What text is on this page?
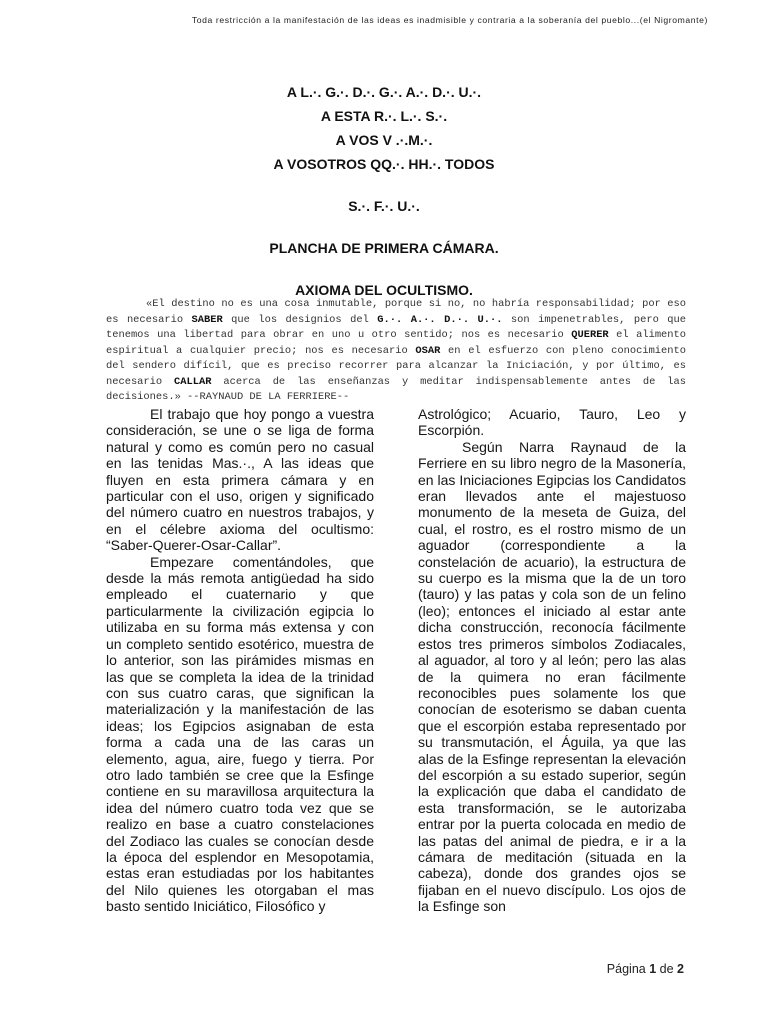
Toda restricción a la manifestación de las ideas es inadmisible y contraria a la soberanía del pueblo...(el Nigromante)
A L.·. G.·. D.·. G.·. A.·. D.·. U.·.
A ESTA R.·. L.·. S.·.
A VOS V .·.M.·.
A VOSOTROS QQ.·. HH.·. TODOS
S.·. F.·. U.·.
PLANCHA DE PRIMERA CÁMARA.
AXIOMA DEL OCULTISMO.

«El destino no es una cosa inmutable, porque si no, no habría responsabilidad; por eso es necesario SABER que los designios del G.·. A.·. D.·. U.·. son impenetrables, pero que tenemos una libertad para obrar en uno u otro sentido; nos es necesario QUERER el alimento espiritual a cualquier precio; nos es necesario OSAR en el esfuerzo con pleno conocimiento del sendero difícil, que es preciso recorrer para alcanzar la Iniciación, y por último, es necesario CALLAR acerca de las enseñanzas y meditar indispensablemente antes de las decisiones.» --RAYNAUD DE LA FERRIERE--

El trabajo que hoy pongo a vuestra consideración, se une o se liga de forma natural y como es común pero no casual en las tenidas Mas.·., A las ideas que fluyen en esta primera cámara y en particular con el uso, origen y significado del número cuatro en nuestros trabajos, y en el célebre axioma del ocultismo: “Saber-Querer-Osar-Callar”.

Empezare comentándoles, que desde la más remota antigüedad ha sido empleado el cuaternario y que particularmente la civilización egipcia lo utilizaba en su forma más extensa y con un completo sentido esotérico, muestra de lo anterior, son las pirámides mismas en las que se completa la idea de la trinidad con sus cuatro caras, que significan la materialización y la manifestación de las ideas; los Egipcios asignaban de esta forma a cada una de las caras un elemento, agua, aire, fuego y tierra. Por otro lado también se cree que la Esfinge contiene en su maravillosa arquitectura la idea del número cuatro toda vez que se realizo en base a cuatro constelaciones del Zodiaco las cuales se conocían desde la época del esplendor en Mesopotamia, estas eran estudiadas por los habitantes del Nilo quienes les otorgaban el mas basto sentido Iniciático, Filosófico y

Astrológico; Acuario, Tauro, Leo y Escorpión.

Según Narra Raynaud de la Ferriere en su libro negro de la Masonería, en las Iniciaciones Egipcias los Candidatos eran llevados ante el majestuoso monumento de la meseta de Guiza, del cual, el rostro, es el rostro mismo de un aguador (correspondiente a la constelación de acuario), la estructura de su cuerpo es la misma que la de un toro (tauro) y las patas y cola son de un felino (leo); entonces el iniciado al estar ante dicha construcción, reconocía fácilmente estos tres primeros símbolos Zodiacales, al aguador, al toro y al león; pero las alas de la quimera no eran fácilmente reconocibles pues solamente los que conocían de esoterismo se daban cuenta que el escorpión estaba representado por su transmutación, el Águila, ya que las alas de la Esfinge representan la elevación del escorpión a su estado superior, según la explicación que daba el candidato de esta transformación, se le autorizaba entrar por la puerta colocada en medio de las patas del animal de piedra, e ir a la cámara de meditación (situada en la cabeza), donde dos grandes ojos se fijaban en el nuevo discípulo. Los ojos de la Esfinge son

Página 1 de 2
